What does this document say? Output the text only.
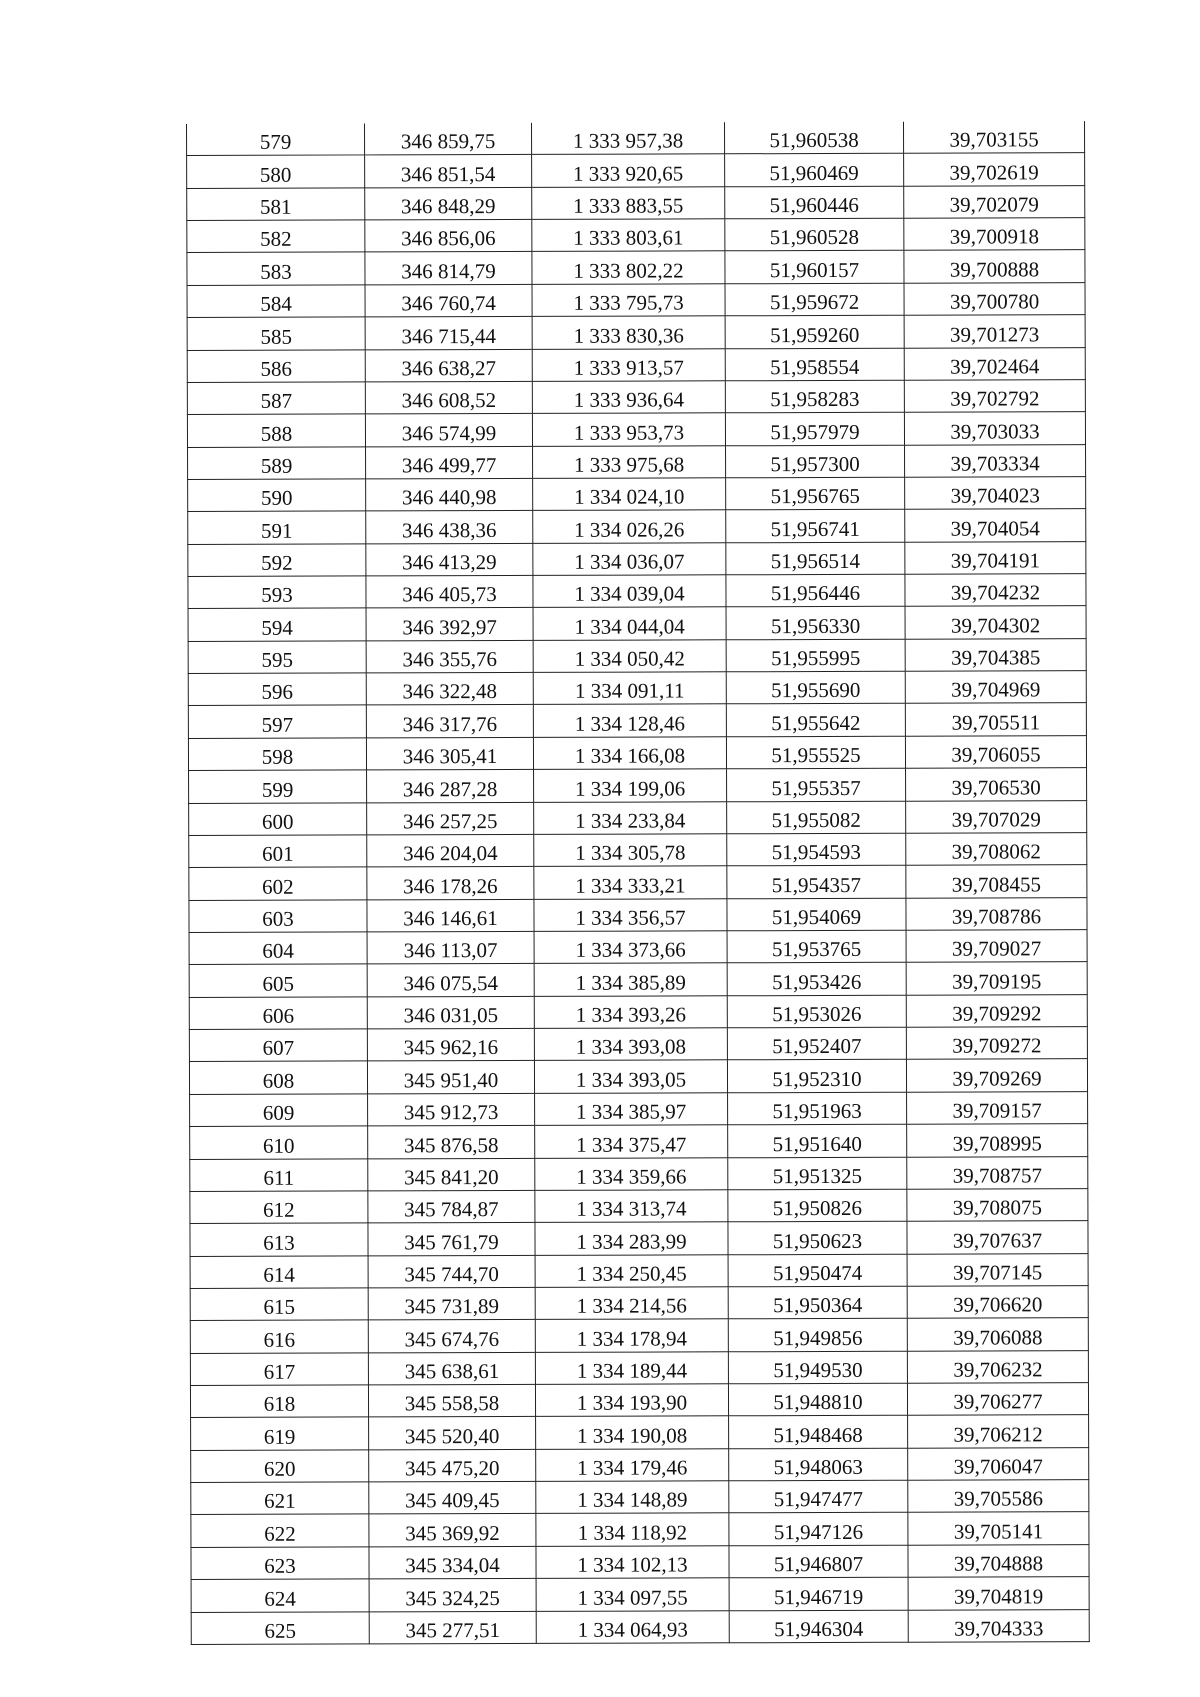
579	346 859,75	1 333 957,38	51,960538	39,703155
580	346 851,54	1 333 920,65	51,960469	39,702619
581	346 848,29	1 333 883,55	51,960446	39,702079
582	346 856,06	1 333 803,61	51,960528	39,700918
583	346 814,79	1 333 802,22	51,960157	39,700888
584	346 760,74	1 333 795,73	51,959672	39,700780
585	346 715,44	1 333 830,36	51,959260	39,701273
586	346 638,27	1 333 913,57	51,958554	39,702464
587	346 608,52	1 333 936,64	51,958283	39,702792
588	346 574,99	1 333 953,73	51,957979	39,703033
589	346 499,77	1 333 975,68	51,957300	39,703334
590	346 440,98	1 334 024,10	51,956765	39,704023
591	346 438,36	1 334 026,26	51,956741	39,704054
592	346 413,29	1 334 036,07	51,956514	39,704191
593	346 405,73	1 334 039,04	51,956446	39,704232
594	346 392,97	1 334 044,04	51,956330	39,704302
595	346 355,76	1 334 050,42	51,955995	39,704385
596	346 322,48	1 334 091,11	51,955690	39,704969
597	346 317,76	1 334 128,46	51,955642	39,705511
598	346 305,41	1 334 166,08	51,955525	39,706055
599	346 287,28	1 334 199,06	51,955357	39,706530
600	346 257,25	1 334 233,84	51,955082	39,707029
601	346 204,04	1 334 305,78	51,954593	39,708062
602	346 178,26	1 334 333,21	51,954357	39,708455
603	346 146,61	1 334 356,57	51,954069	39,708786
604	346 113,07	1 334 373,66	51,953765	39,709027
605	346 075,54	1 334 385,89	51,953426	39,709195
606	346 031,05	1 334 393,26	51,953026	39,709292
607	345 962,16	1 334 393,08	51,952407	39,709272
608	345 951,40	1 334 393,05	51,952310	39,709269
609	345 912,73	1 334 385,97	51,951963	39,709157
610	345 876,58	1 334 375,47	51,951640	39,708995
611	345 841,20	1 334 359,66	51,951325	39,708757
612	345 784,87	1 334 313,74	51,950826	39,708075
613	345 761,79	1 334 283,99	51,950623	39,707637
614	345 744,70	1 334 250,45	51,950474	39,707145
615	345 731,89	1 334 214,56	51,950364	39,706620
616	345 674,76	1 334 178,94	51,949856	39,706088
617	345 638,61	1 334 189,44	51,949530	39,706232
618	345 558,58	1 334 193,90	51,948810	39,706277
619	345 520,40	1 334 190,08	51,948468	39,706212
620	345 475,20	1 334 179,46	51,948063	39,706047
621	345 409,45	1 334 148,89	51,947477	39,705586
622	345 369,92	1 334 118,92	51,947126	39,705141
623	345 334,04	1 334 102,13	51,946807	39,704888
624	345 324,25	1 334 097,55	51,946719	39,704819
625	345 277,51	1 334 064,93	51,946304	39,704333
